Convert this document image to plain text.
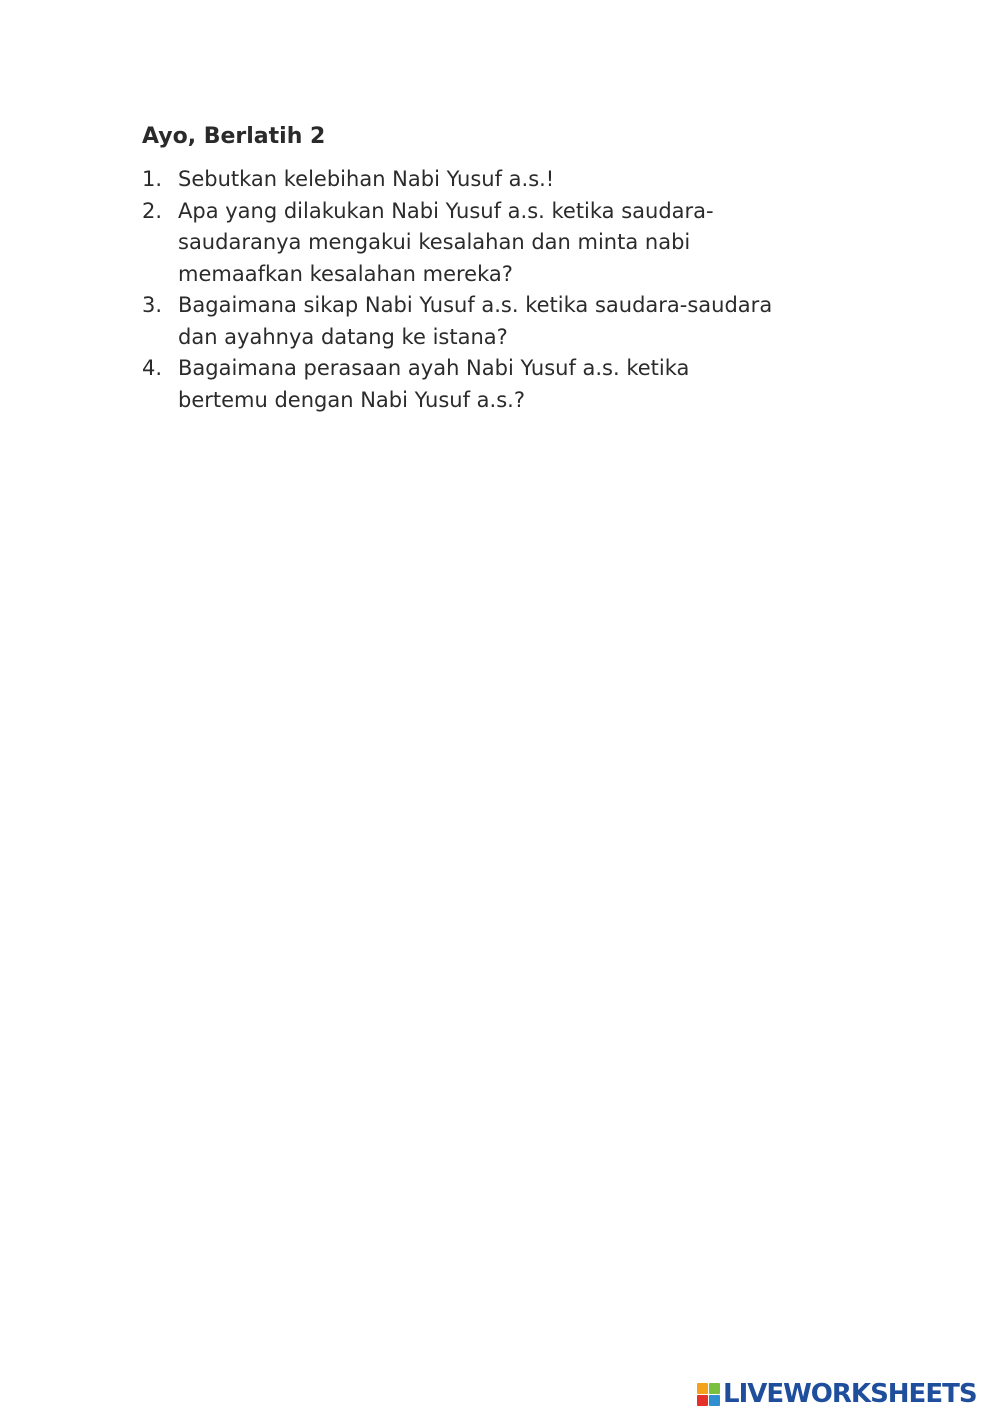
Ayo, Berlatih 2
1. Sebutkan kelebihan Nabi Yusuf a.s.!
2. Apa yang dilakukan Nabi Yusuf a.s. ketika saudara-
saudaranya mengakui kesalahan dan minta nabi
memaafkan kesalahan mereka?
3. Bagaimana sikap Nabi Yusuf a.s. ketika saudara-saudara
dan ayahnya datang ke istana?
4. Bagaimana perasaan ayah Nabi Yusuf a.s. ketika
bertemu dengan Nabi Yusuf a.s.?
LIVEWORKSHEETS
